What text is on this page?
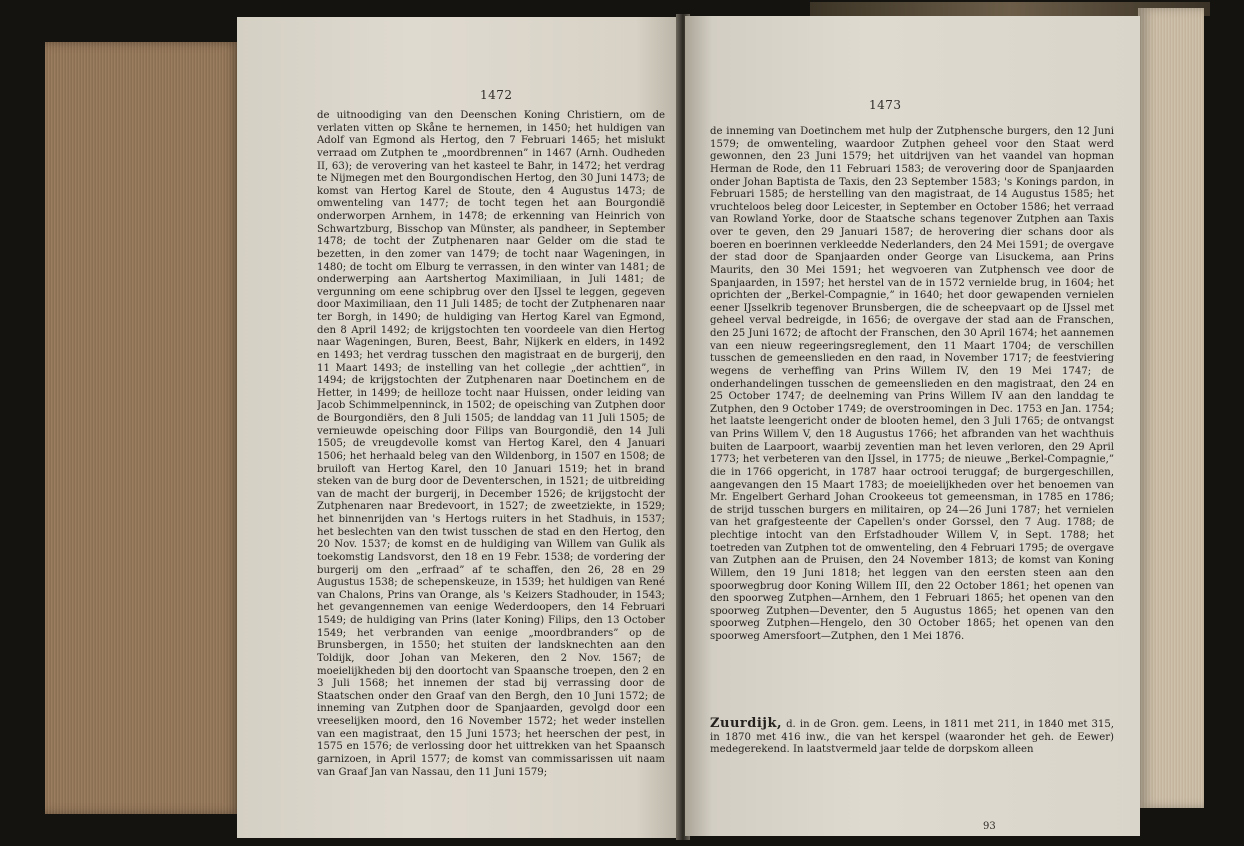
1472
de uitnoodiging van den Deenschen Koning Christiern, om de verlaten vitten op Skåne te hernemen, in 1450; het huldigen van Adolf van Egmond als Hertog, den 7 Februari 1465; het mislukt verraad om Zutphen te „moordbrennen” in 1467 (Arnh. Oudheden II, 63); de verovering van het kasteel te Bahr, in 1472; het verdrag te Nijmegen met den Bourgondischen Hertog, den 30 Juni 1473; de komst van Hertog Karel de Stoute, den 4 Augustus 1473; de omwenteling van 1477; de tocht tegen het aan Bourgondië onderworpen Arnhem, in 1478; de erkenning van Heinrich von Schwartzburg, Bisschop van Münster, als pandheer, in September 1478; de tocht der Zutphenaren naar Gelder om die stad te bezetten, in den zomer van 1479; de tocht naar Wageningen, in 1480; de tocht om Elburg te verrassen, in den winter van 1481; de onderwerping aan Aartshertog Maximiliaan, in Juli 1481; de vergunning om eene schipbrug over den IJssel te leggen, gegeven door Maximiliaan, den 11 Juli 1485; de tocht der Zutphenaren naar ter Borgh, in 1490; de huldiging van Hertog Karel van Egmond, den 8 April 1492; de krijgstochten ten voordeele van dien Hertog naar Wageningen, Buren, Beest, Bahr, Nijkerk en elders, in 1492 en 1493; het verdrag tusschen den magistraat en de burgerij, den 11 Maart 1493; de instelling van het collegie „der achttien”, in 1494; de krijgstochten der Zutphenaren naar Doetinchem en de Hetter, in 1499; de heilloze tocht naar Huissen, onder leiding van Jacob Schimmelpenninck, in 1502; de opeisching van Zutphen door de Bourgondiërs, den 8 Juli 1505; de landdag van 11 Juli 1505; de vernieuwde opeisching door Filips van Bourgondië, den 14 Juli 1505; de vreugdevolle komst van Hertog Karel, den 4 Januari 1506; het herhaald beleg van den Wildenborg, in 1507 en 1508; de bruiloft van Hertog Karel, den 10 Januari 1519; het in brand steken van de burg door de Deventerschen, in 1521; de uitbreiding van de macht der burgerij, in December 1526; de krijgstocht der Zutphenaren naar Bredevoort, in 1527; de zweetziekte, in 1529; het binnenrijden van 's Hertogs ruiters in het Stadhuis, in 1537; het beslechten van den twist tusschen de stad en den Hertog, den 20 Nov. 1537; de komst en de huldiging van Willem van Gulik als toekomstig Landsvorst, den 18 en 19 Febr. 1538; de vordering der burgerij om den „erfraad” af te schaffen, den 26, 28 en 29 Augustus 1538; de schepenskeuze, in 1539; het huldigen van René van Chalons, Prins van Orange, als 's Keizers Stadhouder, in 1543; het gevangennemen van eenige Wederdoopers, den 14 Februari 1549; de huldiging van Prins (later Koning) Filips, den 13 October 1549; het verbranden van eenige „moordbranders” op de Brunsbergen, in 1550; het stuiten der landsknechten aan den Toldijk, door Johan van Mekeren, den 2 Nov. 1567; de moeielijkheden bij den doortocht van Spaansche troepen, den 2 en 3 Juli 1568; het innemen der stad bij verrassing door de Staatschen onder den Graaf van den Bergh, den 10 Juni 1572; de inneming van Zutphen door de Spanjaarden, gevolgd door een vreeselijken moord, den 16 November 1572; het weder instellen van een magistraat, den 15 Juni 1573; het heerschen der pest, in 1575 en 1576; de verlossing door het uittrekken van het Spaansch garnizoen, in April 1577; de komst van commissarissen uit naam van Graaf Jan van Nassau, den 11 Juni 1579;
1473
de inneming van Doetinchem met hulp der Zutphensche burgers, den 12 Juni 1579; de omwenteling, waardoor Zutphen geheel voor den Staat werd gewonnen, den 23 Juni 1579; het uitdrijven van het vaandel van hopman Herman de Rode, den 11 Februari 1583; de verovering door de Spanjaarden onder Johan Baptista de Taxis, den 23 September 1583; 's Konings pardon, in Februari 1585; de herstelling van den magistraat, de 14 Augustus 1585; het vruchteloos beleg door Leicester, in September en October 1586; het verraad van Rowland Yorke, door de Staatsche schans tegenover Zutphen aan Taxis over te geven, den 29 Januari 1587; de herovering dier schans door als boeren en boerinnen verkleedde Nederlanders, den 24 Mei 1591; de overgave der stad door de Spanjaarden onder George van Lisuckema, aan Prins Maurits, den 30 Mei 1591; het wegvoeren van Zutphensch vee door de Spanjaarden, in 1597; het herstel van de in 1572 vernielde brug, in 1604; het oprichten der „Berkel-Compagnie,” in 1640; het door gewapenden vernielen eener IJsselkrib tegenover Brunsbergen, die de scheepvaart op de IJssel met geheel verval bedreigde, in 1656; de overgave der stad aan de Franschen, den 25 Juni 1672; de aftocht der Franschen, den 30 April 1674; het aannemen van een nieuw regeeringsreglement, den 11 Maart 1704; de verschillen tusschen de gemeenslieden en den raad, in November 1717; de feestviering wegens de verheffing van Prins Willem IV, den 19 Mei 1747; de onderhandelingen tusschen de gemeenslieden en den magistraat, den 24 en 25 October 1747; de deelneming van Prins Willem IV aan den landdag te Zutphen, den 9 October 1749; de overstroomingen in Dec. 1753 en Jan. 1754; het laatste leengericht onder de blooten hemel, den 3 Juli 1765; de ontvangst van Prins Willem V, den 18 Augustus 1766; het afbranden van het wachthuis buiten de Laarpoort, waarbij zeventien man het leven verloren, den 29 April 1773; het verbeteren van den IJssel, in 1775; de nieuwe „Berkel-Compagnie,” die in 1766 opgericht, in 1787 haar octrooi teruggaf; de burgergeschillen, aangevangen den 15 Maart 1783; de moeielijkheden over het benoemen van Mr. Engelbert Gerhard Johan Crookeeus tot gemeensman, in 1785 en 1786; de strijd tusschen burgers en militairen, op 24—26 Juni 1787; het vernielen van het grafgesteente der Capellen's onder Gorssel, den 7 Aug. 1788; de plechtige intocht van den Erfstadhouder Willem V, in Sept. 1788; het toetreden van Zutphen tot de omwenteling, den 4 Februari 1795; de overgave van Zutphen aan de Pruisen, den 24 November 1813; de komst van Koning Willem, den 19 Juni 1818; het leggen van den eersten steen aan den spoorwegbrug door Koning Willem III, den 22 October 1861; het openen van den spoorweg Zutphen—Arnhem, den 1 Februari 1865; het openen van den spoorweg Zutphen—Deventer, den 5 Augustus 1865; het openen van den spoorweg Zutphen—Hengelo, den 30 October 1865; het openen van den spoorweg Amersfoort—Zutphen, den 1 Mei 1876.
Zuurdijk, d. in de Gron. gem. Leens, in 1811 met 211, in 1840 met 315, in 1870 met 416 inw., die van het kerspel (waaronder het geh. de Eewer) medegerekend. In laatstvermeld jaar telde de dorpskom alleen
93
